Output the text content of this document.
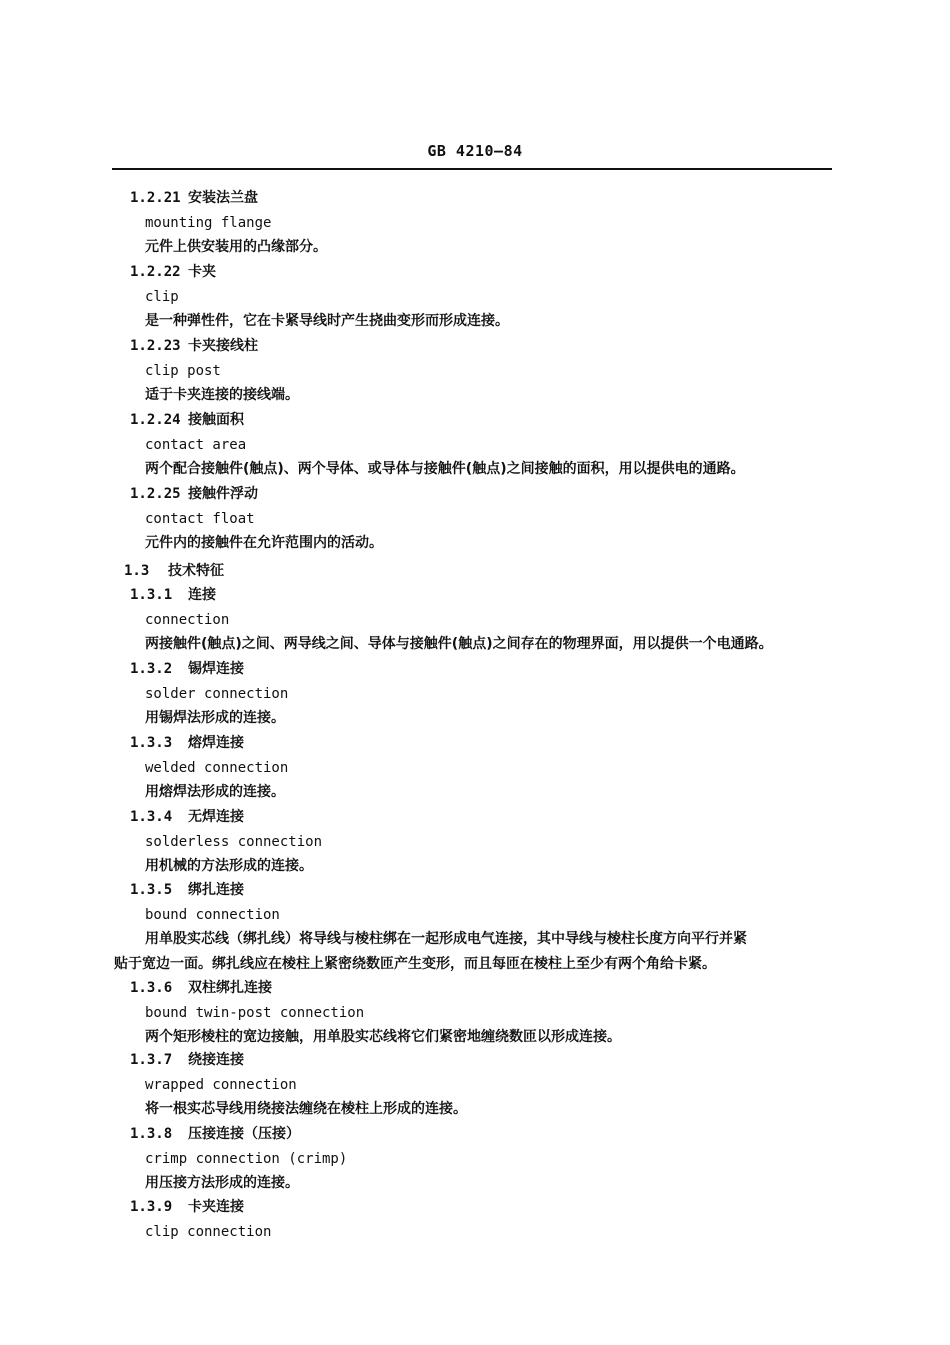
GB 4210—84
1.2.21 安装法兰盘
mounting flange
元件上供安装用的凸缘部分。
1.2.22 卡夹
clip
是一种弹性件，它在卡紧导线时产生挠曲变形而形成连接。
1.2.23 卡夹接线柱
clip post
适于卡夹连接的接线端。
1.2.24 接触面积
contact area
两个配合接触件(触点)、两个导体、或导体与接触件(触点)之间接触的面积，用以提供电的通路。
1.2.25 接触件浮动
contact float
元件内的接触件在允许范围内的活动。
1.3 技术特征
1.3.1 连接
connection
两接触件(触点)之间、两导线之间、导体与接触件(触点)之间存在的物理界面，用以提供一个电通路。
1.3.2 锡焊连接
solder connection
用锡焊法形成的连接。
1.3.3 熔焊连接
welded connection
用熔焊法形成的连接。
1.3.4 无焊连接
solderless connection
用机械的方法形成的连接。
1.3.5 绑扎连接
bound connection
用单股实芯线（绑扎线）将导线与棱柱绑在一起形成电气连接，其中导线与棱柱长度方向平行并紧
贴于宽边一面。绑扎线应在棱柱上紧密绕数匝产生变形，而且每匝在棱柱上至少有两个角给卡紧。
1.3.6 双柱绑扎连接
bound twin-post connection
两个矩形棱柱的宽边接触，用单股实芯线将它们紧密地缠绕数匝以形成连接。
1.3.7 绕接连接
wrapped connection
将一根实芯导线用绕接法缠绕在棱柱上形成的连接。
1.3.8 压接连接（压接）
crimp connection (crimp)
用压接方法形成的连接。
1.3.9 卡夹连接
clip connection
